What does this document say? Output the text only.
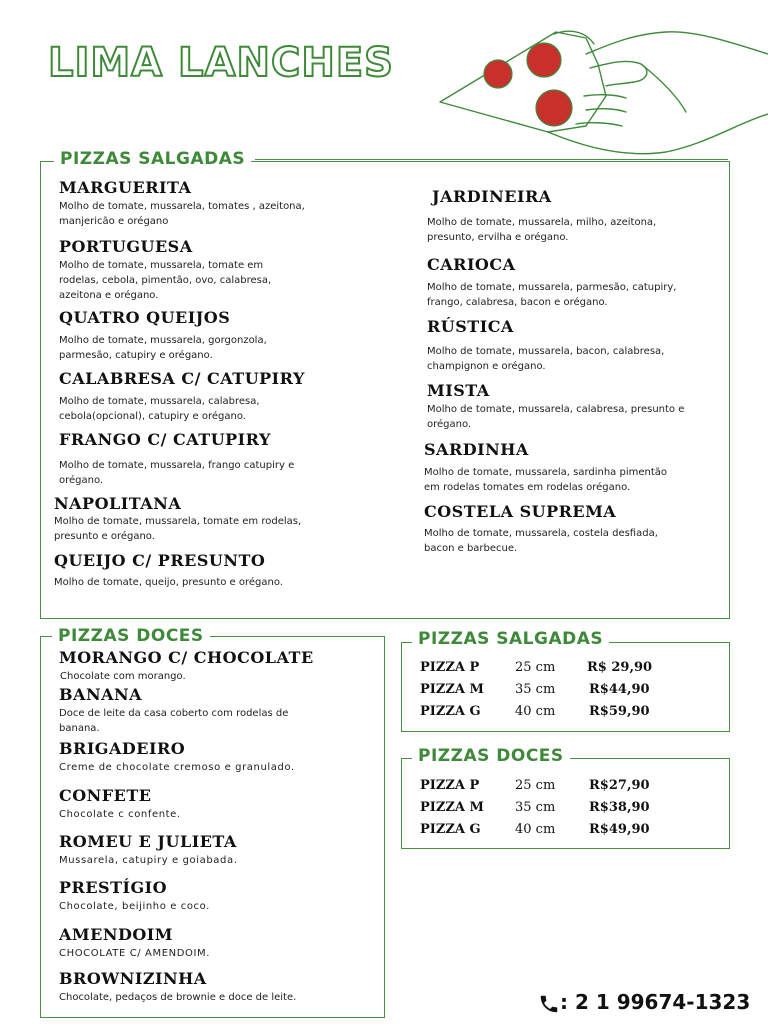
LIMA LANCHES
PIZZAS SALGADAS
MARGUERITA
Molho de tomate, mussarela, tomates , azeitona, manjericão e orégano
PORTUGUESA
Molho de tomate, mussarela, tomate em rodelas, cebola, pimentão, ovo, calabresa, azeitona e orégano.
QUATRO QUEIJOS
Molho de tomate, mussarela, gorgonzola, parmesão, catupiry e orégano.
CALABRESA C/ CATUPIRY
Molho de tomate, mussarela, calabresa, cebola(opcional), catupiry e orégano.
FRANGO C/ CATUPIRY
Molho de tomate, mussarela, frango catupiry e orégano.
NAPOLITANA
Molho de tomate, mussarela, tomate em rodelas, presunto e orégano.
QUEIJO C/ PRESUNTO
Molho de tomate, queijo, presunto e orégano.
JARDINEIRA
Molho de tomate, mussarela, milho, azeitona, presunto, ervilha e orégano.
CARIOCA
Molho de tomate, mussarela, parmesão, catupiry, frango, calabresa, bacon e orégano.
RÚSTICA
Molho de tomate, mussarela, bacon, calabresa, champignon e orégano.
MISTA
Molho de tomate, mussarela, calabresa, presunto e orégano.
SARDINHA
Molho de tomate, mussarela, sardinha pimentão em rodelas tomates em rodelas orégano.
COSTELA SUPREMA
Molho de tomate, mussarela, costela desfiada, bacon e barbecue.
PIZZAS DOCES
MORANGO C/ CHOCOLATE
Chocolate com morango.
BANANA
Doce de leite da casa coberto com rodelas de banana.
BRIGADEIRO
Creme de chocolate cremoso e granulado.
CONFETE
Chocolate c confente.
ROMEU E JULIETA
Mussarela, catupiry e goiabada.
PRESTÍGIO
Chocolate, beijinho e coco.
AMENDOIM
CHOCOLATE C/ AMENDOIM.
BROWNIZINHA
Chocolate, pedaços de brownie e doce de leite.
PIZZA P	25 cm R$ 29,90
PIZZA M 35 cm	R$44,90
PIZZA G	40 cm	R$59,90
PIZZAS SALGADAS
PIZZA P	25 cm	R$27,90
PIZZA M 35 cm	R$38,90
PIZZA G	40 cm	R$49,90
PIZZAS DOCES
: 2 1 99674-1323
